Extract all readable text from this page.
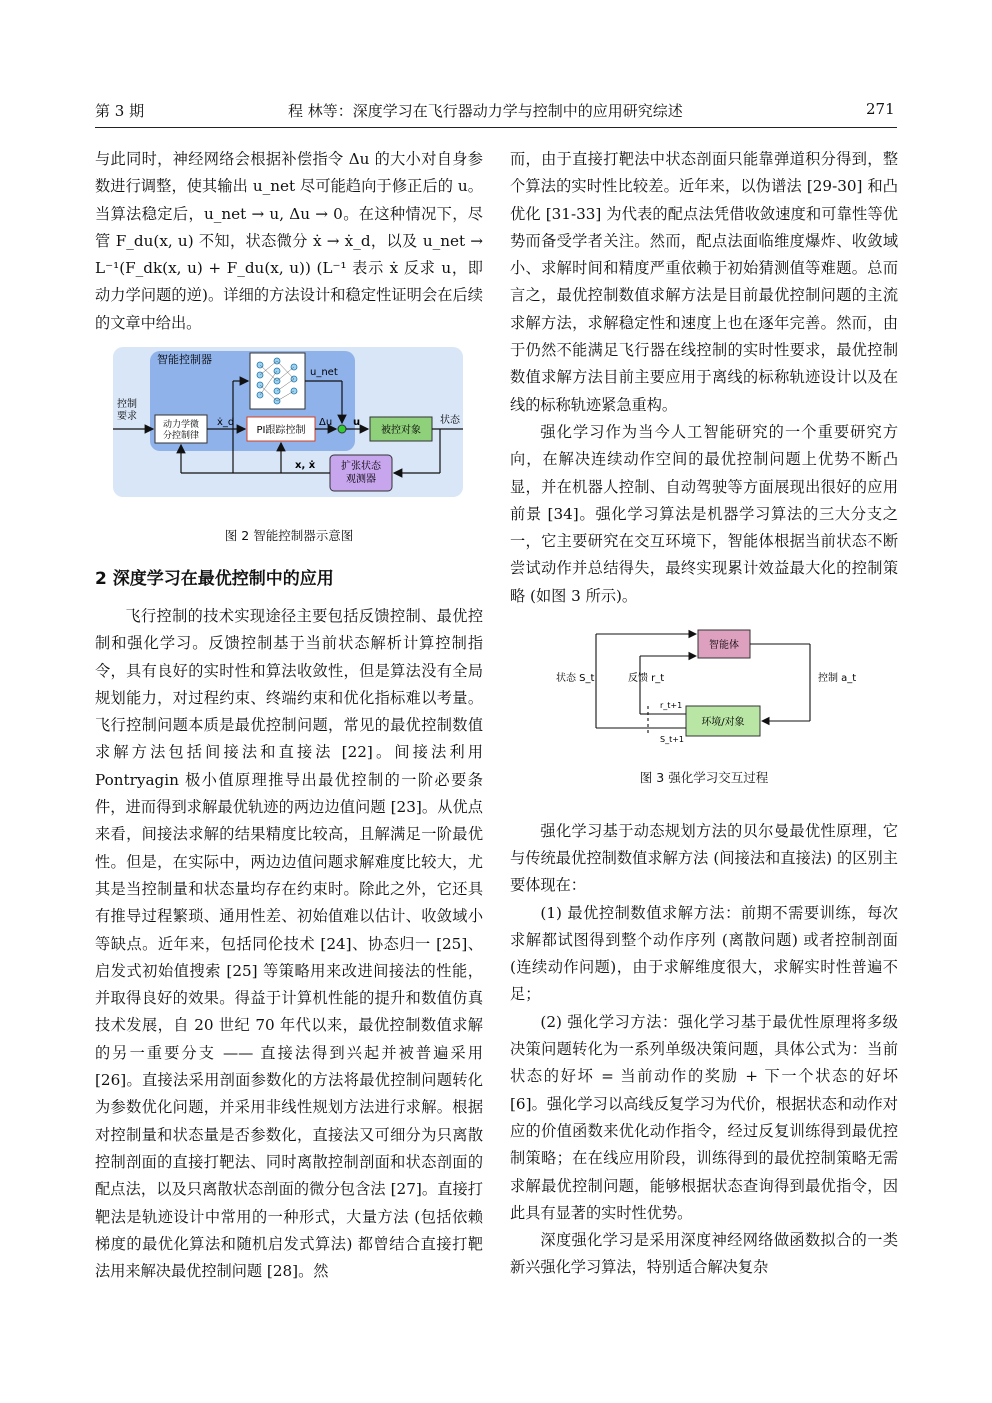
第 3 期	程 林等：深度学习在飞行器动力学与控制中的应用研究综述	271

与此同时，神经网络会根据补偿指令 Δu 的大小对自身参数进行调整，使其输出 u_net 尽可能趋向于修正后的 u。当算法稳定后，u_net → u, Δu → 0。在这种情况下，尽管 F_du(x, u) 不知，状态微分 ẋ → ẋ_d，以及 u_net → L⁻¹(F_dk(x, u) + F_du(x, u)) (L⁻¹ 表示 ẋ 反求 u，即动力学问题的逆)。详细的方法设计和稳定性证明会在后续的文章中给出。

智能控制器
动力学微分控制律	PI跟踪控制	被控对象
扩张状态观测器
控制要求
ẋ_d	Δu u
u_net
状态
x, ẋ
图 2 智能控制器示意图
2 深度学习在最优控制中的应用

飞行控制的技术实现途径主要包括反馈控制、最优控制和强化学习。反馈控制基于当前状态解析计算控制指令，具有良好的实时性和算法收敛性，但是算法没有全局规划能力，对过程约束、终端约束和优化指标难以考量。飞行控制问题本质是最优控制问题，常见的最优控制数值求解方法包括间接法和直接法 [22]。间接法利用 Pontryagin 极小值原理推导出最优控制的一阶必要条件，进而得到求解最优轨迹的两边边值问题 [23]。从优点来看，间接法求解的结果精度比较高，且解满足一阶最优性。但是，在实际中，两边边值问题求解难度比较大，尤其是当控制量和状态量均存在约束时。除此之外，它还具有推导过程繁琐、通用性差、初始值难以估计、收敛域小等缺点。近年来，包括同伦技术 [24]、协态归一 [25]、启发式初始值搜索 [25] 等策略用来改进间接法的性能，并取得良好的效果。得益于计算机性能的提升和数值仿真技术发展，自 20 世纪 70 年代以来，最优控制数值求解的另一重要分支 —— 直接法得到兴起并被普遍采用 [26]。直接法采用剖面参数化的方法将最优控制问题转化为参数优化问题，并采用非线性规划方法进行求解。根据对控制量和状态量是否参数化，直接法又可细分为只离散控制剖面的直接打靶法、同时离散控制剖面和状态剖面的配点法，以及只离散状态剖面的微分包含法 [27]。直接打靶法是轨迹设计中常用的一种形式，大量方法 (包括依赖梯度的最优化算法和随机启发式算法) 都曾结合直接打靶法用来解决最优控制问题 [28]。然

而，由于直接打靶法中状态剖面只能靠弹道积分得到，整个算法的实时性比较差。近年来，以伪谱法 [29-30] 和凸优化 [31-33] 为代表的配点法凭借收敛速度和可靠性等优势而备受学者关注。然而，配点法面临维度爆炸、收敛域小、求解时间和精度严重依赖于初始猜测值等难题。总而言之，最优控制数值求解方法是目前最优控制问题的主流求解方法，求解稳定性和速度上也在逐年完善。然而，由于仍然不能满足飞行器在线控制的实时性要求，最优控制数值求解方法目前主要应用于离线的标称轨迹设计以及在线的标称轨迹紧急重构。

强化学习作为当今人工智能研究的一个重要研究方向，在解决连续动作空间的最优控制问题上优势不断凸显，并在机器人控制、自动驾驶等方面展现出很好的应用前景 [34]。强化学习算法是机器学习算法的三大分支之一，它主要研究在交互环境下，智能体根据当前状态不断尝试动作并总结得失，最终实现累计效益最大化的控制策略 (如图 3 所示)。

智能体
环境/对象
状态 S_t	反馈 r_t	控制 a_t
r_t+1
S_t+1
图 3 强化学习交互过程

强化学习基于动态规划方法的贝尔曼最优性原理，它与传统最优控制数值求解方法 (间接法和直接法) 的区别主要体现在：

(1) 最优控制数值求解方法：前期不需要训练，每次求解都试图得到整个动作序列 (离散问题) 或者控制剖面 (连续动作问题)，由于求解维度很大，求解实时性普遍不足；

(2) 强化学习方法：强化学习基于最优性原理将多级决策问题转化为一系列单级决策问题，具体公式为：当前状态的好坏 = 当前动作的奖励 + 下一个状态的好坏 [6]。强化学习以高线反复学习为代价，根据状态和动作对应的价值函数来优化动作指令，经过反复训练得到最优控制策略；在在线应用阶段，训练得到的最优控制策略无需求解最优控制问题，能够根据状态查询得到最优指令，因此具有显著的实时性优势。

深度强化学习是采用深度神经网络做函数拟合的一类新兴强化学习算法，特别适合解决复杂
